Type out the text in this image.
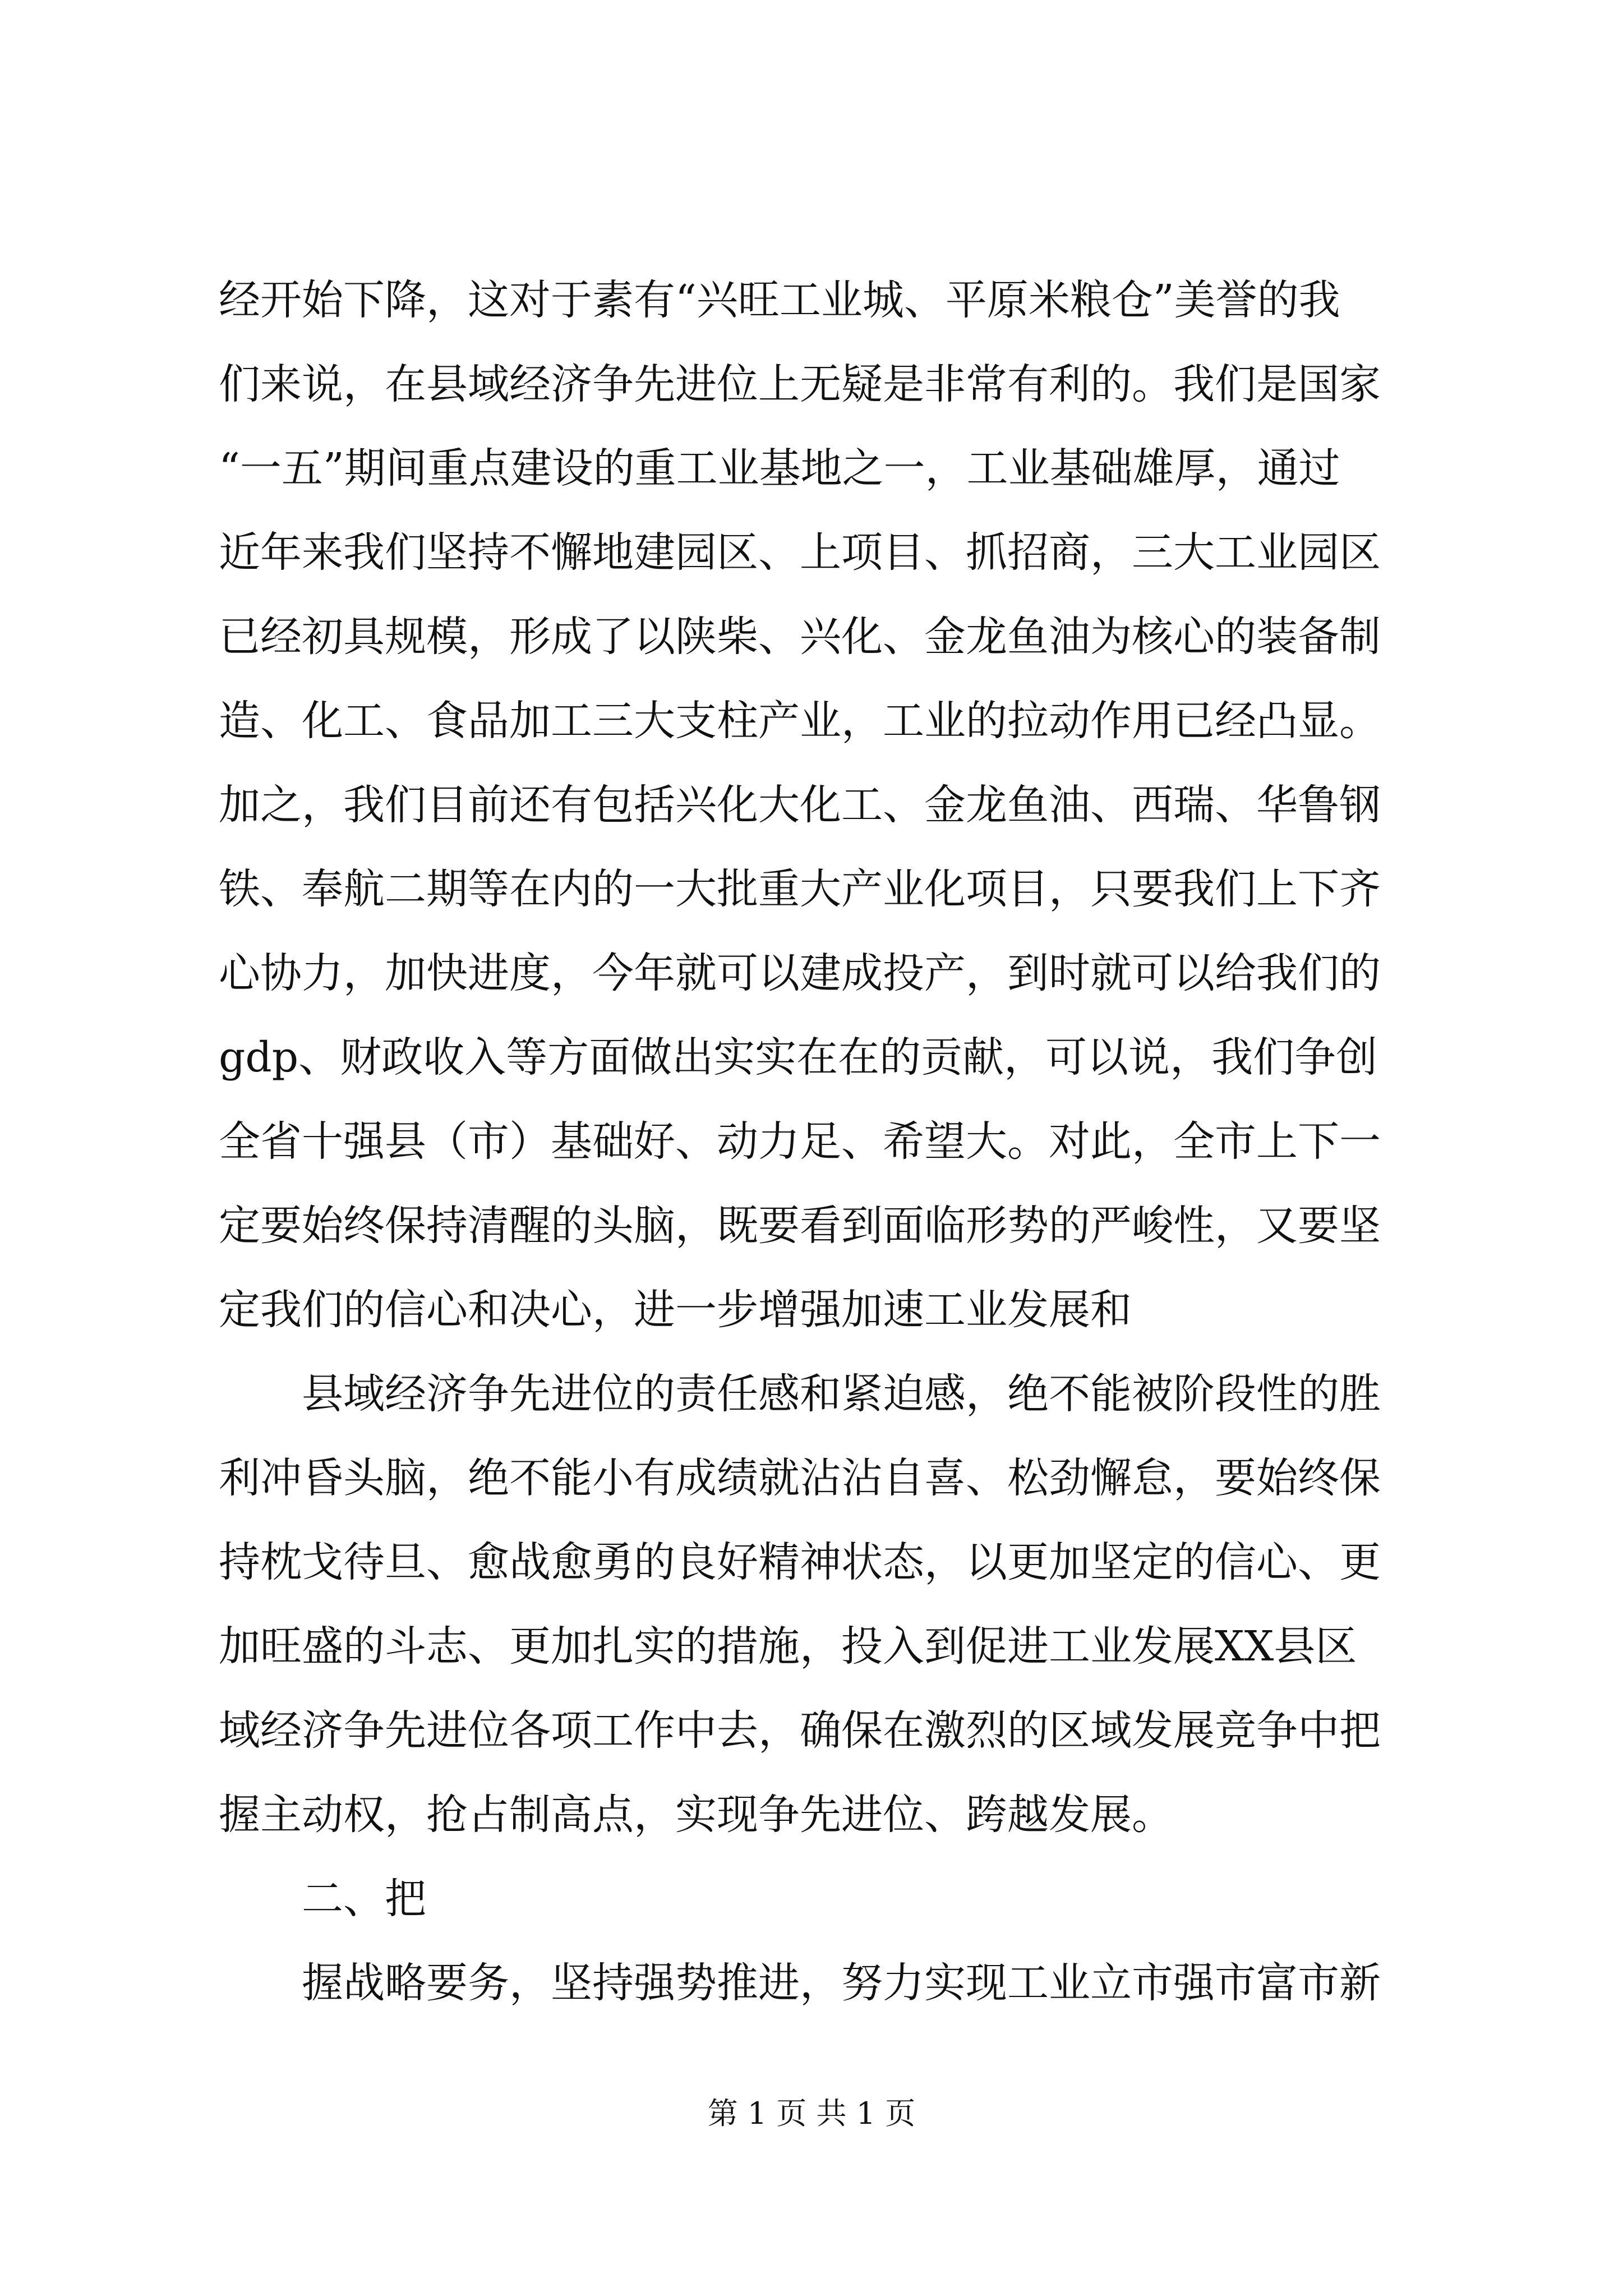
经开始下降，这对于素有“兴旺工业城、平原米粮仓”美誉的我
们来说，在县域经济争先进位上无疑是非常有利的。我们是国家
“一五”期间重点建设的重工业基地之一，工业基础雄厚，通过
近年来我们坚持不懈地建园区、上项目、抓招商，三大工业园区
已经初具规模，形成了以陕柴、兴化、金龙鱼油为核心的装备制
造、化工、食品加工三大支柱产业，工业的拉动作用已经凸显。
加之，我们目前还有包括兴化大化工、金龙鱼油、西瑞、华鲁钢
铁、奉航二期等在内的一大批重大产业化项目，只要我们上下齐
心协力，加快进度，今年就可以建成投产，到时就可以给我们的
gdp、财政收入等方面做出实实在在的贡献，可以说，我们争创
全省十强县（市）基础好、动力足、希望大。对此，全市上下一
定要始终保持清醒的头脑，既要看到面临形势的严峻性，又要坚
定我们的信心和决心，进一步增强加速工业发展和
　　县域经济争先进位的责任感和紧迫感，绝不能被阶段性的胜
利冲昏头脑，绝不能小有成绩就沾沾自喜、松劲懈怠，要始终保
持枕戈待旦、愈战愈勇的良好精神状态，以更加坚定的信心、更
加旺盛的斗志、更加扎实的措施，投入到促进工业发展XX县区
域经济争先进位各项工作中去，确保在激烈的区域发展竞争中把
握主动权，抢占制高点，实现争先进位、跨越发展。
　　二、把
　　握战略要务，坚持强势推进，努力实现工业立市强市富市新
第 1 页 共 1 页
